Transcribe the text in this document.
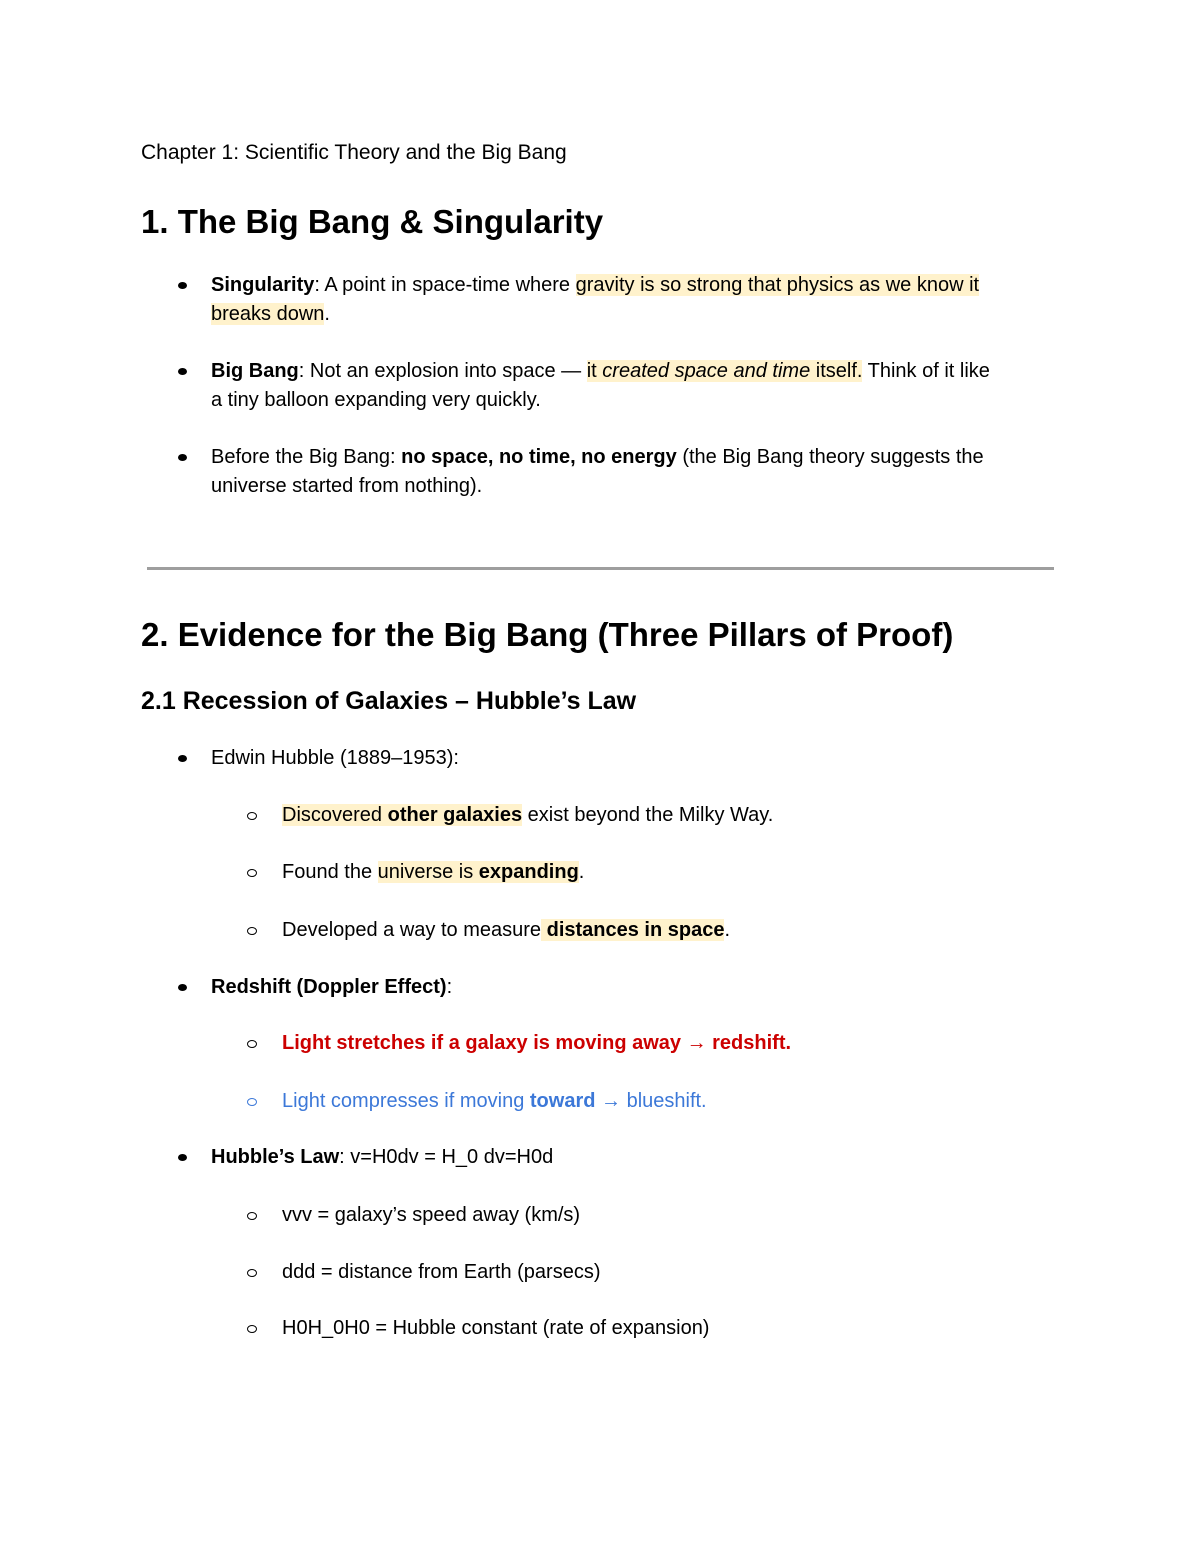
Chapter 1: Scientific Theory and the Big Bang
1. The Big Bang & Singularity
Singularity: A point in space-time where gravity is so strong that physics as we know it
breaks down.
Big Bang: Not an explosion into space — it created space and time itself. Think of it like
a tiny balloon expanding very quickly.
Before the Big Bang: no space, no time, no energy (the Big Bang theory suggests the
universe started from nothing).
2. Evidence for the Big Bang (Three Pillars of Proof)
2.1 Recession of Galaxies – Hubble’s Law
Edwin Hubble (1889–1953):
Discovered other galaxies exist beyond the Milky Way.
Found the universe is expanding.
Developed a way to measure distances in space.
Redshift (Doppler Effect):
Light stretches if a galaxy is moving away → redshift.
Light compresses if moving toward → blueshift.
Hubble’s Law: v=H0dv = H_0 dv=H0d
vvv = galaxy’s speed away (km/s)
ddd = distance from Earth (parsecs)
H0H_0H0 = Hubble constant (rate of expansion)
